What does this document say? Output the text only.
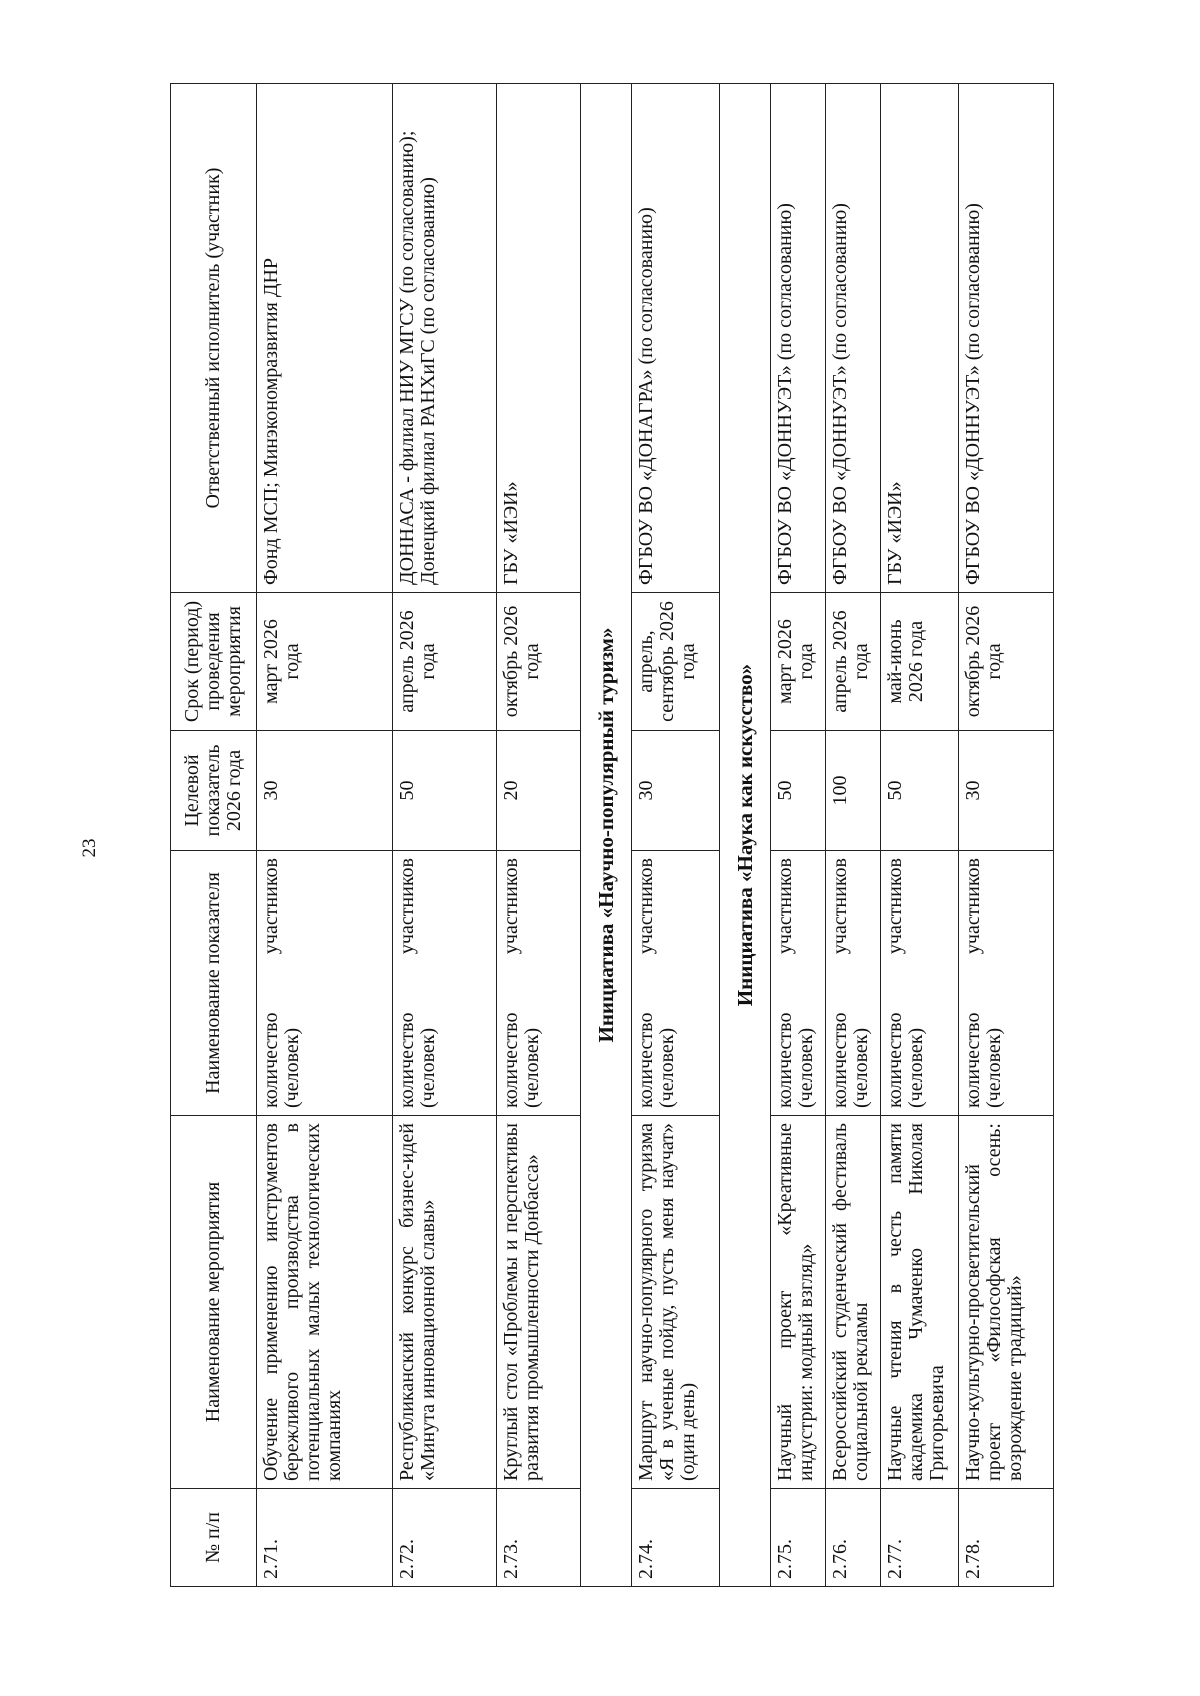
23
№ п/п	Наименование мероприятия	Наименование показателя	Целевой показатель 2026 года	Срок (период) проведения мероприятия	Ответственный исполнитель (участник)
2.71.	Обучение применению инструментов бережливого производства в потенциальных малых технологических компаниях	количество участников (человек)	30	март 2026 года	Фонд МСП; Минэкономразвития ДНР
2.72.	Республиканский конкурс бизнес-идей «Минута инновационной славы»	количество участников (человек)	50	апрель 2026 года	ДОННАСА - филиал НИУ МГСУ (по согласованию); Донецкий филиал РАНХиГС (по согласованию)
2.73.	Круглый стол «Проблемы и перспективы развития промышленности Донбасса»	количество участников (человек)	20	октябрь 2026 года	ГБУ «ИЭИ»
Инициатива «Научно-популярный туризм»					
2.74.	Маршрут научно-популярного туризма «Я в ученые пойду, пусть меня научат» (один день)	количество участников (человек)	30	апрель, сентябрь 2026 года	ФГБОУ ВО «ДОНАГРА» (по согласованию)
Инициатива «Наука как искусство»					
2.75.	Научный проект «Креативные индустрии: модный взгляд»	количество участников (человек)	50	март 2026 года	ФГБОУ ВО «ДОННУЭТ» (по согласованию)
2.76.	Всероссийский студенческий фестиваль социальной рекламы	количество участников (человек)	100	апрель 2026 года	ФГБОУ ВО «ДОННУЭТ» (по согласованию)
2.77.	Научные чтения в честь памяти академика Чумаченко Николая Григорьевича	количество участников (человек)	50	май-июнь 2026 года	ГБУ «ИЭИ»
2.78.	Научно-культурно-просветительский проект «Философская осень: возрождение традиций»	количество участников (человек)	30	октябрь 2026 года	ФГБОУ ВО «ДОННУЭТ» (по согласованию)
